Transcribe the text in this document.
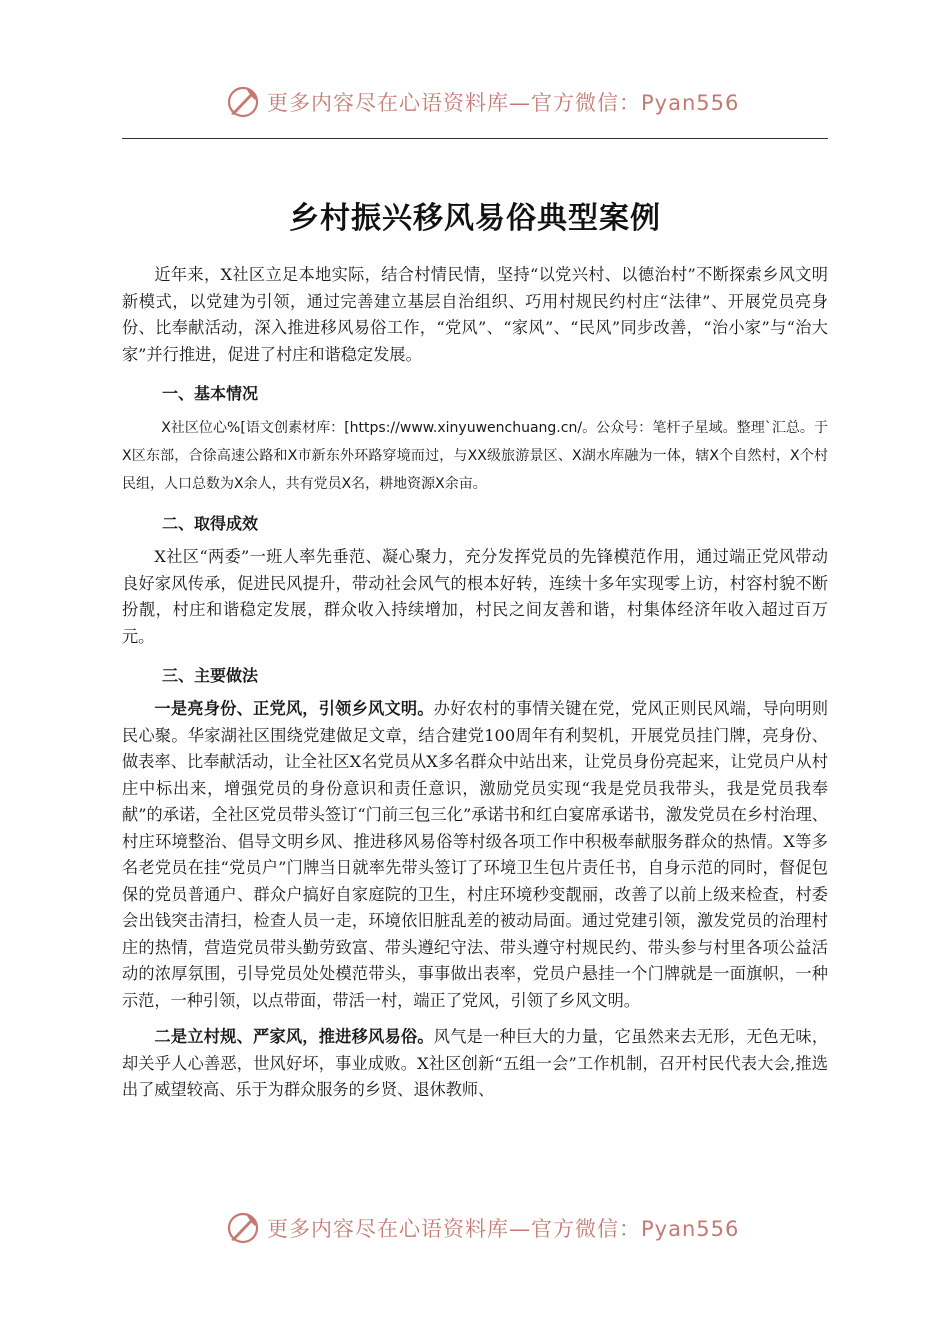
更多内容尽在心语资料库—官方微信：Pyan556
乡村振兴移风易俗典型案例

近年来，X社区立足本地实际，结合村情民情，坚持“以党兴村、以德治村”不断探索乡风文明新模式，以党建为引领，通过完善建立基层自治组织、巧用村规民约村庄“法律”、开展党员亮身份、比奉献活动，深入推进移风易俗工作，“党风”、“家风”、“民风”同步改善，“治小家”与“治大家”并行推进，促进了村庄和谐稳定发展。

一、基本情况

X社区位心%[语文创素材库：[https://www.xinyuwenchuang.cn/。公众号：笔杆子星域。整理`汇总。于X区东部，合徐高速公路和X市新东外环路穿境而过，与XX级旅游景区、X湖水库融为一体，辖X个自然村，X个村民组，人口总数为X余人，共有党员X名，耕地资源X余亩。

二、取得成效

X社区“两委”一班人率先垂范、凝心聚力，充分发挥党员的先锋模范作用，通过端正党风带动良好家风传承，促进民风提升，带动社会风气的根本好转，连续十多年实现零上访，村容村貌不断扮靓，村庄和谐稳定发展，群众收入持续增加，村民之间友善和谐，村集体经济年收入超过百万元。

三、主要做法

一是亮身份、正党风，引领乡风文明。办好农村的事情关键在党，党风正则民风端，导向明则民心聚。华家湖社区围绕党建做足文章，结合建党100周年有利契机，开展党员挂门牌，亮身份、做表率、比奉献活动，让全社区X名党员从X多名群众中站出来，让党员身份亮起来，让党员户从村庄中标出来，增强党员的身份意识和责任意识，激励党员实现“我是党员我带头，我是党员我奉献”的承诺，全社区党员带头签订“门前三包三化”承诺书和红白宴席承诺书，激发党员在乡村治理、村庄环境整治、倡导文明乡风、推进移风易俗等村级各项工作中积极奉献服务群众的热情。X等多名老党员在挂“党员户”门牌当日就率先带头签订了环境卫生包片责任书，自身示范的同时，督促包保的党员普通户、群众户搞好自家庭院的卫生，村庄环境秒变靓丽，改善了以前上级来检查，村委会出钱突击清扫，检查人员一走，环境依旧脏乱差的被动局面。通过党建引领，激发党员的治理村庄的热情，营造党员带头勤劳致富、带头遵纪守法、带头遵守村规民约、带头参与村里各项公益活动的浓厚氛围，引导党员处处模范带头，事事做出表率，党员户悬挂一个门牌就是一面旗帜，一种示范，一种引领，以点带面，带活一村，端正了党风，引领了乡风文明。

二是立村规、严家风，推进移风易俗。风气是一种巨大的力量，它虽然来去无形，无色无味，却关乎人心善恶，世风好坏，事业成败。X社区创新“五组一会”工作机制，召开村民代表大会,推选出了威望较高、乐于为群众服务的乡贤、退休教师、

更多内容尽在心语资料库—官方微信：Pyan556
